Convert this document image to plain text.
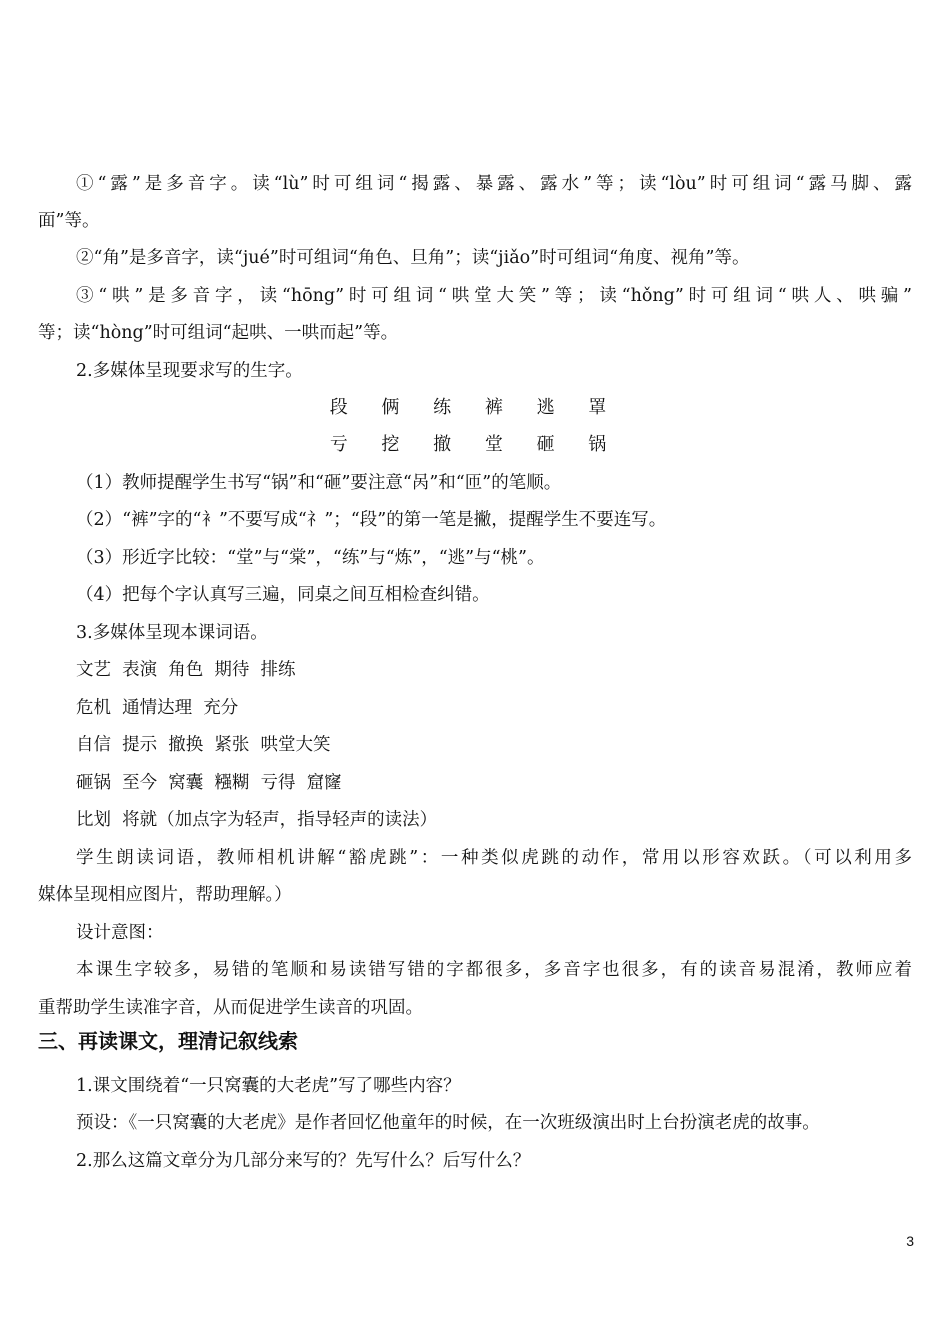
①“露”是多音字。读“lù”时可组词“揭露、暴露、露水”等；读“lòu”时可组词“露马脚、露
面”等。
②“角”是多音字，读“jué”时可组词“角色、旦角”；读“jiǎo”时可组词“角度、视角”等。
③“哄”是多音字，读“hōng”时可组词“哄堂大笑”等；读“hǒng”时可组词“哄人、哄骗”
等；读“hòng”时可组词“起哄、一哄而起”等。
2.多媒体呈现要求写的生字。
段 俩 练 裤 逃 罩
亏 挖 撤 堂 砸 锅
（1）教师提醒学生书写“锅”和“砸”要注意“呙”和“匝”的笔顺。
（2）“裤”字的“衤”不要写成“礻”；“段”的第一笔是撇，提醒学生不要连写。
（3）形近字比较：“堂”与“棠”，“练”与“炼”，“逃”与“桃”。
（4）把每个字认真写三遍，同桌之间互相检查纠错。
3.多媒体呈现本课词语。
文艺  表演  角色  期待  排练
危机  通情达理  充分
自信  提示  撤换  紧张  哄堂大笑
砸锅  至今  窝囊  糨糊  亏得  窟窿
比划  将就（加点字为轻声，指导轻声的读法）
学生朗读词语，教师相机讲解“豁虎跳”：一种类似虎跳的动作，常用以形容欢跃。（可以利用多
媒体呈现相应图片，帮助理解。）
设计意图：
本课生字较多，易错的笔顺和易读错写错的字都很多，多音字也很多，有的读音易混淆，教师应着
重帮助学生读准字音，从而促进学生读音的巩固。
三、再读课文，理清记叙线索
1.课文围绕着“一只窝囊的大老虎”写了哪些内容？
预设：《一只窝囊的大老虎》是作者回忆他童年的时候，在一次班级演出时上台扮演老虎的故事。
2.那么这篇文章分为几部分来写的？先写什么？后写什么？
3
